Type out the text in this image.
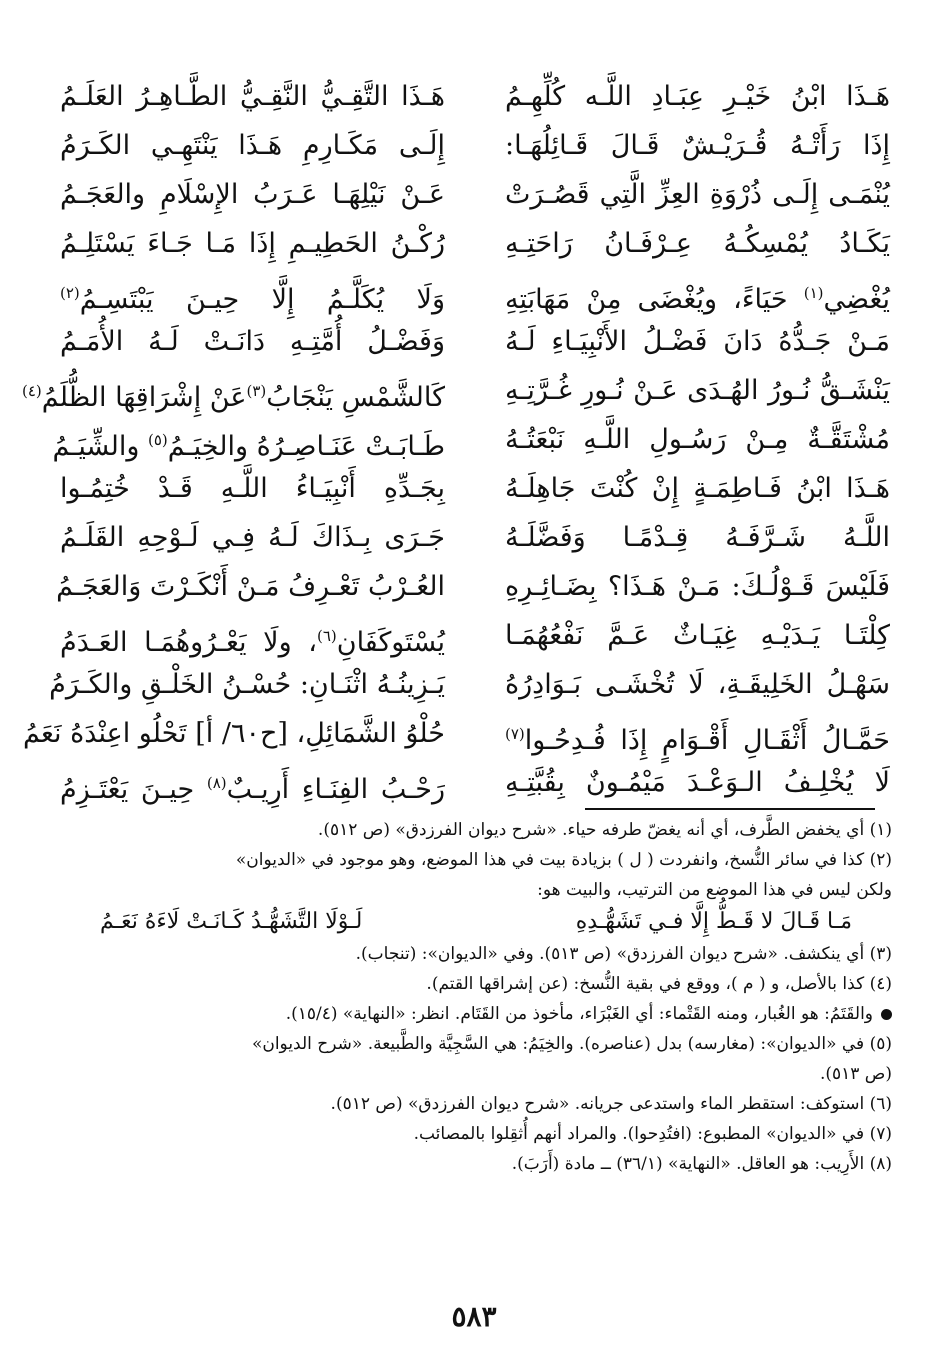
هَـذَا ابْنُ خَيْـرِ عِبَـادِ اللَّـه كُلِّهِـمُ
هَـذَا التَّقِـيُّ النَّقِـيُّ الطَّـاهِـرُ العَلَـمُ
إِذَا رَأَتْـهُ قُـرَيْـشٌ قَـالَ قَـائِلُهَـا:
إِلَـى مَكَـارِمِ هَـذَا يَنْتَهِـي الكَـرَمُ
يُنْمَـى إِلَـى ذُرْوَةِ العِزِّ الَّتِي قَصُـرَتْ
عَـنْ نَيْلِهَـا عَـرَبُ الإِسْلَامِ والعَجَـمُ
يَكَـادُ يُمْسِكُـهُ عِـرْفَـانُ رَاحَتِـهِ
رُكْـنُ الحَطِيـمِ إِذَا مَـا جَـاءَ يَسْتَلِـمُ
يُغْضِي$^{(١)}$ حَيَاءً، ويُغْضَى مِنْ مَهَابَتِهِ
وَلَا يُكَلَّـمُ إِلَّا حِيـنَ يَبْتَسِـمُ$^{(٢)}$
مَـنْ جَـدُّهُ دَانَ فَضْـلُ الأَنْبِيَـاءِ لَـهُ
وَفَضْـلُ أُمَّتِـهِ دَانَـتْ لَـهُ الأُمَـمُ
يَنْشَـقُّ نُـورُ الهُـدَى عَـنْ نُـورِ غُـرَّتِـهِ
كَالشَّمْسِ يَنْجَابُ$^{(٣)}$عَنْ إِشْرَاقِهَا الظُّلَمُ$^{(٤)}$
مُشْتَقَّـةٌ مِـنْ رَسُـولِ اللَّـهِ نَبْعَتُـهُ
طَـابَـتْ عَنَـاصِـرُهُ والخِيَـمُ$^{(٥)}$ والشِّيَـمُ
هَـذَا ابْنُ فَـاطِمَـةٍ إِنْ كُنْتَ جَاهِلَـهُ
بِجَـدِّهِ أَنْبِيَـاءُ اللَّـهِ قَـدْ خُتِمُـوا
اللَّـهُ شَـرَّفَـهُ قِـدْمًـا وَفَضَّلَـهُ
جَـرَى بِـذَاكَ لَـهُ فِـي لَـوْحِهِ القَلَـمُ
فَلَيْسَ قَـوْلُـكَ: مَـنْ هَـذَا؟ بِضَـائِـرِهِ
العُـرْبُ تَعْـرِفُ مَـنْ أَنْكَـرْتَ وَالعَجَـمُ
كِلْتَـا يَـدَيْـهِ غِيَـاثٌ عَـمَّ نَفْعُهُمَـا
يُسْتَوكَفَانِ$^{(٦)}$، ولَا يَعْـرُوهُمَـا العَـدَمُ
سَهْـلُ الخَلِيقَـةِ، لَا تُخْشَـى بَـوَادِرُهُ
يَـزِينُـهُ اثْنَـانِ: حُسْـنُ الخَلْـقِ والكَـرَمُ
حَمَّـالُ أَثْقَـالِ أَقْـوَامٍ إِذَا فُـدِحُـوا$^{(٧)}$
حُلْوُ الشَّمَائِلِ، [ح٦٠/ أ] تَحْلُو اعِنْدَهُ نَعَمُ
لَا يُخْلِـفُ الـوَعْـدَ مَيْمُـونٌ بِقُبَّتِـهِ
رَحْـبُ الفِنَـاءِ أَرِيـبٌ$^{(٨)}$ حِيـنَ يَعْتَـزِمُ
(١) أي يخفض الطَّرف، أي أنه يغضّ طرفه حياء. «شرح ديوان الفرزدق» (ص ٥١٢).
(٢) كذا في سائر النُّسخ، وانفردت ( ل ) بزيادة بيت في هذا الموضع، وهو موجود في «الديوان»
ولكن ليس في هذا الموضع من الترتيب، والبيت هو:
مَـا قَـالَ لا قَـطُّ إِلَّا فـي تَشَهُّـدِهِ
لَـوْلَا التَّشَهُّـدُ كَـانَـتْ لَاءَهُ نَعَـمُ
(٣) أي ينكشف. «شرح ديوان الفرزدق» (ص ٥١٣). وفي «الديوان»: (تنجاب).
(٤) كذا بالأصل، و ( م )، ووقع في بقية النُّسخ: (عن إشراقها القتم).
والقَتَمُ: هو الغُبار، ومنه القَتْماء: أي الغَبْرَاء، مأخوذ من القَتَام. انظر: «النهاية» (١٥/٤).
(٥) في «الديوان»: (مغارسه) بدل (عناصره). والخِيَمُ: هي السَّجِيَّة والطَّبيعة. «شرح الديوان»
(ص ٥١٣).
(٦) استوكف: استقطر الماء واستدعى جريانه. «شرح ديوان الفرزدق» (ص ٥١٢).
(٧) في «الديوان» المطبوع: (افتُدِحوا). والمراد أنهم أُثقِلوا بالمصائب.
(٨) الأَرِيب: هو العاقل. «النهاية» (٣٦/١) ــ مادة (أَرَبَ).
٥٨٣
